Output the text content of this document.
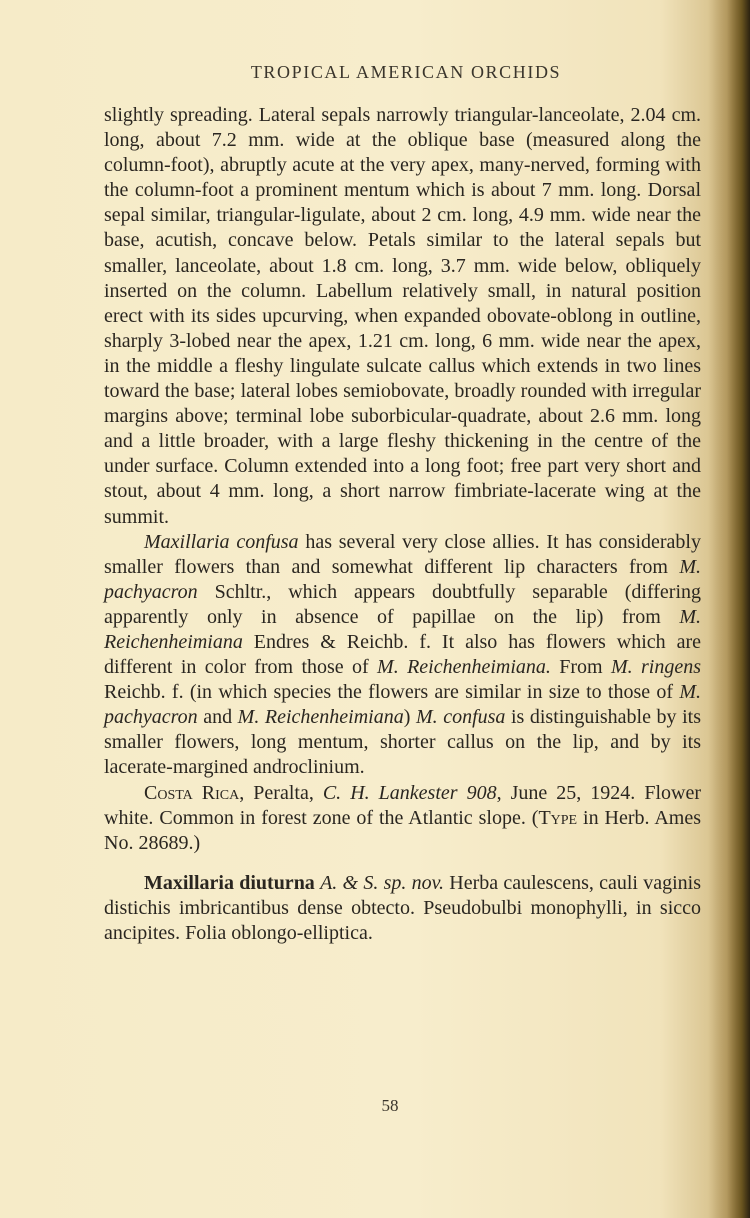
TROPICAL AMERICAN ORCHIDS

slightly spreading. Lateral sepals narrowly triangular-lanceolate, 2.04 cm. long, about 7.2 mm. wide at the oblique base (measured along the column-foot), abruptly acute at the very apex, many-nerved, forming with the column-foot a prominent mentum which is about 7 mm. long. Dorsal sepal similar, triangular-ligulate, about 2 cm. long, 4.9 mm. wide near the base, acutish, concave below. Petals similar to the lateral sepals but smaller, lanceolate, about 1.8 cm. long, 3.7 mm. wide below, obliquely inserted on the column. Labellum relatively small, in natural position erect with its sides upcurving, when expanded obovate-oblong in outline, sharply 3-lobed near the apex, 1.21 cm. long, 6 mm. wide near the apex, in the middle a fleshy lingulate sulcate callus which extends in two lines toward the base; lateral lobes semiobovate, broadly rounded with irregular margins above; terminal lobe suborbicular-quadrate, about 2.6 mm. long and a little broader, with a large fleshy thickening in the centre of the under surface. Column extended into a long foot; free part very short and stout, about 4 mm. long, a short narrow fimbriate-lacerate wing at the summit.

Maxillaria confusa has several very close allies. It has considerably smaller flowers than and somewhat different lip characters from M. pachyacron Schltr., which appears doubtfully separable (differing apparently only in absence of papillae on the lip) from M. Reichenheimiana Endres & Reichb. f. It also has flowers which are different in color from those of M. Reichenheimiana. From M. ringens Reichb. f. (in which species the flowers are similar in size to those of M. pachyacron and M. Reichenheimiana) M. confusa is distinguishable by its smaller flowers, long mentum, shorter callus on the lip, and by its lacerate-margined androclinium.

Costa Rica, Peralta, C. H. Lankester 908, June 25, 1924. Flower white. Common in forest zone of the Atlantic slope. (Type in Herb. Ames No. 28689.)

Maxillaria diuturna A. & S. sp. nov. Herba caulescens, cauli vaginis distichis imbricantibus dense obtecto. Pseudobulbi monophylli, in sicco ancipites. Folia oblongo-elliptica.

58
